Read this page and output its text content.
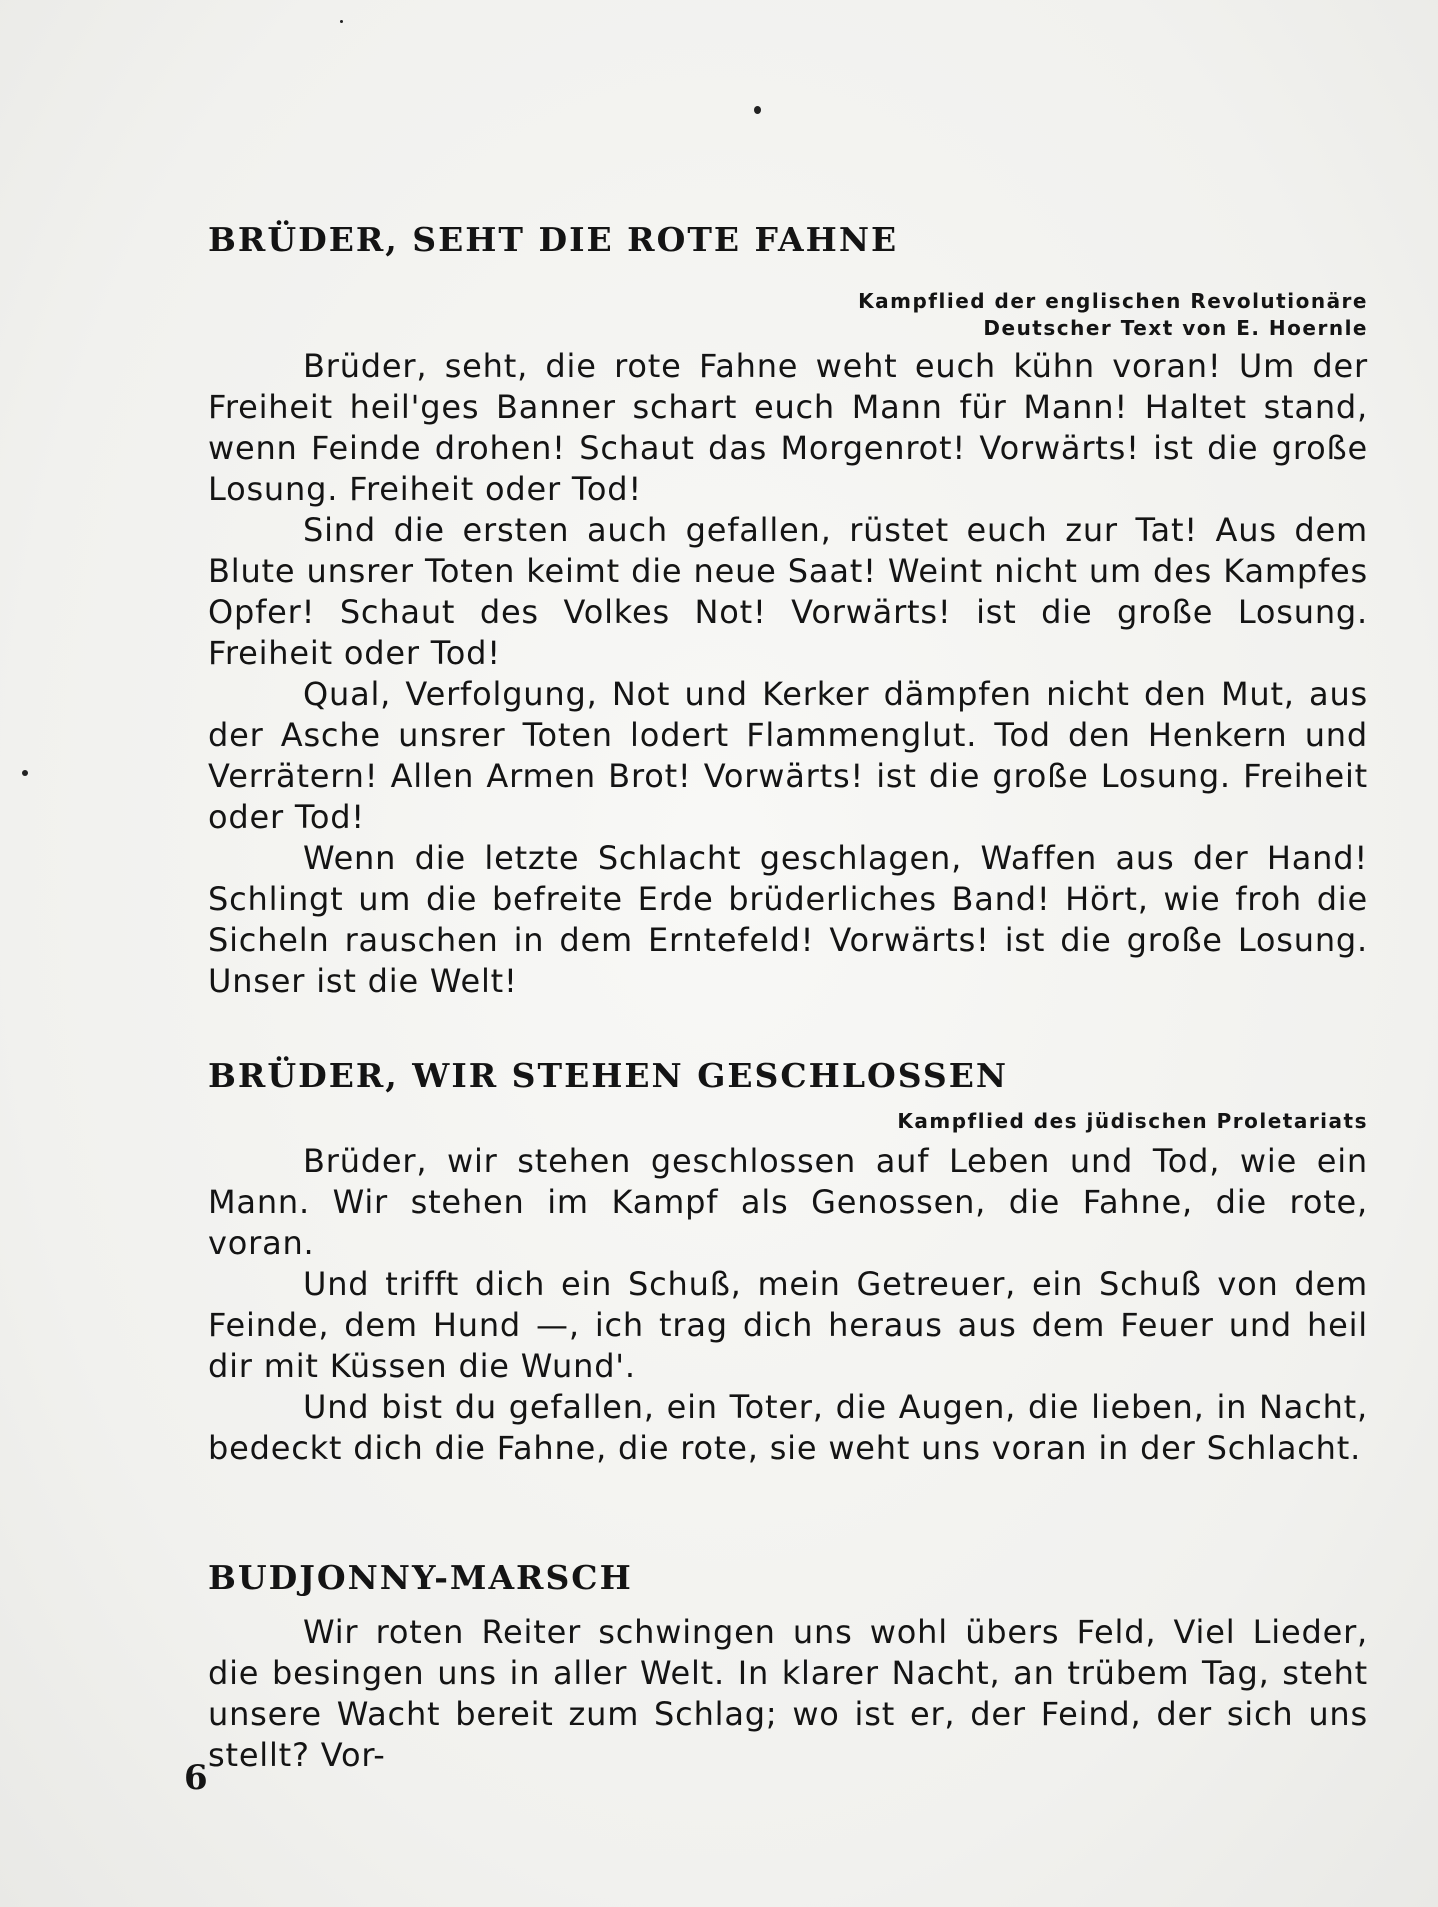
BRÜDER, SEHT DIE ROTE FAHNE
Kampflied der englischen Revolutionäre
Deutscher Text von E. Hoernle

Brüder, seht, die rote Fahne weht euch kühn voran! Um der Freiheit heil'ges Banner schart euch Mann für Mann! Haltet stand, wenn Feinde drohen! Schaut das Morgenrot! Vorwärts! ist die große Losung. Freiheit oder Tod!

Sind die ersten auch gefallen, rüstet euch zur Tat! Aus dem Blute unsrer Toten keimt die neue Saat! Weint nicht um des Kampfes Opfer! Schaut des Volkes Not! Vorwärts! ist die große Losung. Freiheit oder Tod!

Qual, Verfolgung, Not und Kerker dämpfen nicht den Mut, aus der Asche unsrer Toten lodert Flammenglut. Tod den Henkern und Verrätern! Allen Armen Brot! Vorwärts! ist die große Losung. Freiheit oder Tod!

Wenn die letzte Schlacht geschlagen, Waffen aus der Hand! Schlingt um die befreite Erde brüderliches Band! Hört, wie froh die Sicheln rauschen in dem Erntefeld! Vorwärts! ist die große Losung. Unser ist die Welt!

BRÜDER, WIR STEHEN GESCHLOSSEN
Kampflied des jüdischen Proletariats

Brüder, wir stehen geschlossen auf Leben und Tod, wie ein Mann. Wir stehen im Kampf als Genossen, die Fahne, die rote, voran.

Und trifft dich ein Schuß, mein Getreuer, ein Schuß von dem Feinde, dem Hund —, ich trag dich heraus aus dem Feuer und heil dir mit Küssen die Wund'.

Und bist du gefallen, ein Toter, die Augen, die lieben, in Nacht, bedeckt dich die Fahne, die rote, sie weht uns voran in der Schlacht.

BUDJONNY-MARSCH

Wir roten Reiter schwingen uns wohl übers Feld, Viel Lieder, die besingen uns in aller Welt. In klarer Nacht, an trübem Tag, steht unsere Wacht bereit zum Schlag; wo ist er, der Feind, der sich uns stellt? Vor-

6
